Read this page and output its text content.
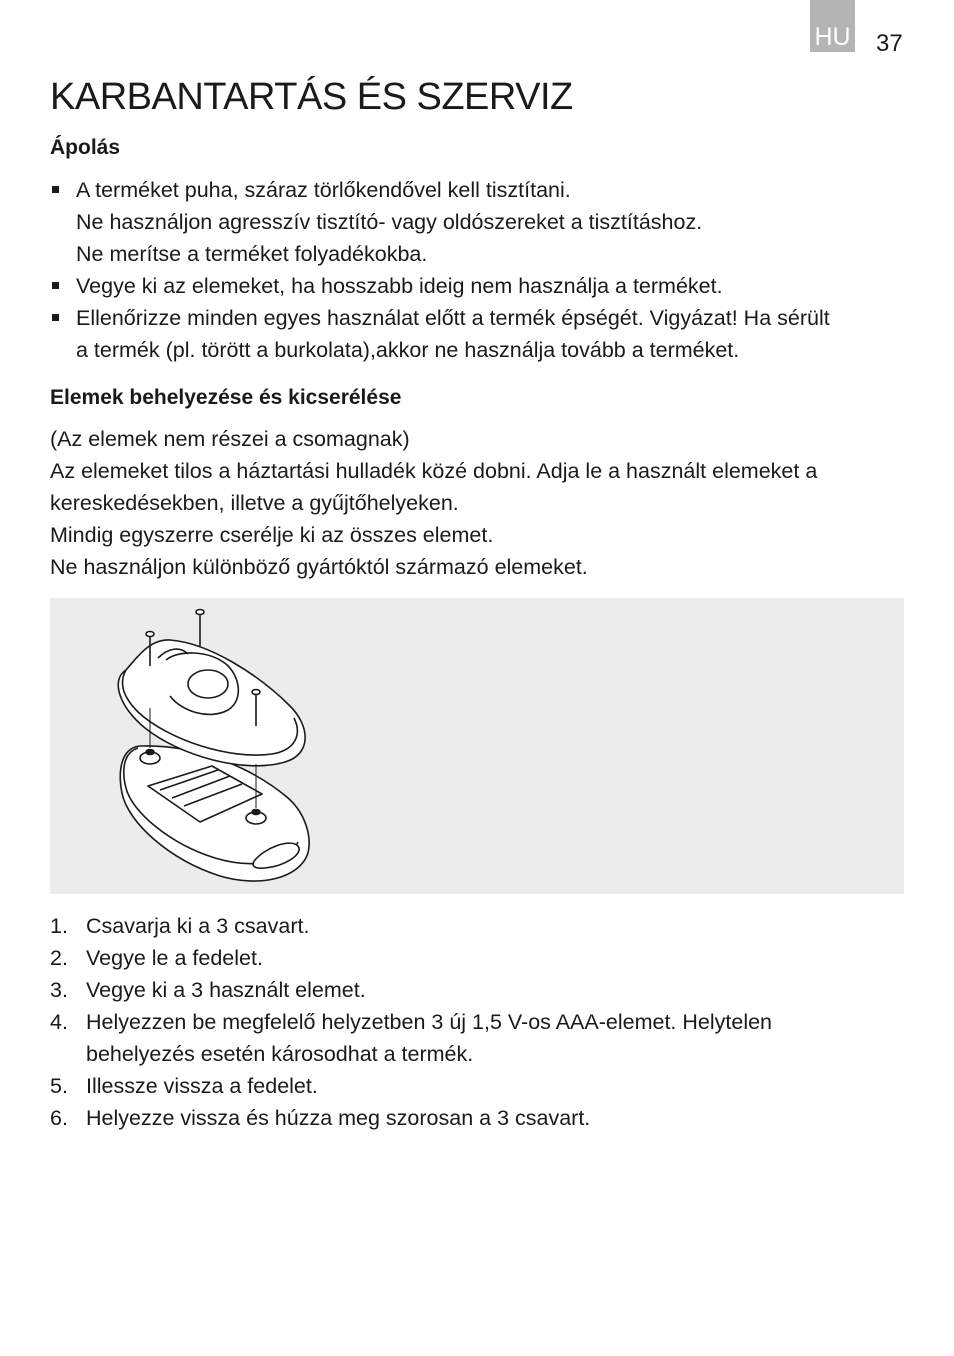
HU 37
KARBANTARTÁS ÉS SZERVIZ
Ápolás
A terméket puha, száraz törlőkendővel kell tisztítani.
Ne használjon agresszív tisztító- vagy oldószereket a tisztításhoz.
Ne merítse a terméket folyadékokba.
Vegye ki az elemeket, ha hosszabb ideig nem használja a terméket.
Ellenőrizze minden egyes használat előtt a termék épségét. Vigyázat! Ha sérült
a termék (pl. törött a burkolata),akkor ne használja tovább a terméket.
Elemek behelyezése és kicserélése

(Az elemek nem részei a csomagnak)

Az elemeket tilos a háztartási hulladék közé dobni. Adja le a használt elemeket a

kereskedésekben, illetve a gyűjtőhelyeken.

Mindig egyszerre cserélje ki az összes elemet.

Ne használjon különböző gyártóktól származó elemeket.

1. Csavarja ki a 3 csavart.
2. Vegye le a fedelet.
3. Vegye ki a 3 használt elemet.
4. Helyezzen be megfelelő helyzetben 3 új 1,5 V-os AAA-elemet. Helytelen
behelyezés esetén károsodhat a termék.
5. Illessze vissza a fedelet.
6. Helyezze vissza és húzza meg szorosan a 3 csavart.
